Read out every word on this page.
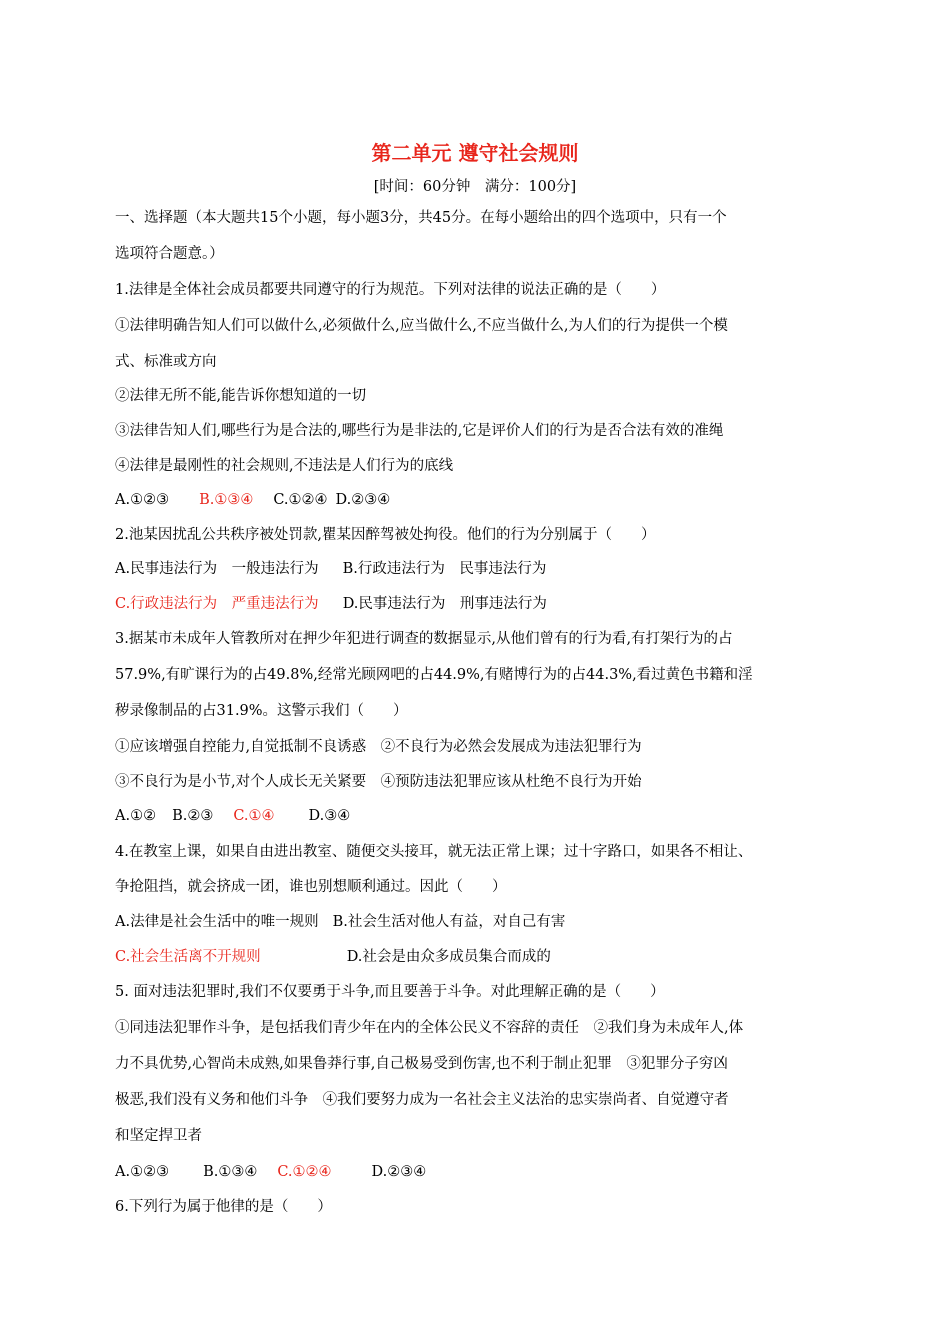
第二单元 遵守社会规则
[时间：60分钟　满分：100分]
一、选择题（本大题共15个小题，每小题3分，共45分。在每小题给出的四个选项中，只有一个
选项符合题意。）
1.法律是全体社会成员都要共同遵守的行为规范。下列对法律的说法正确的是（　　）
①法律明确告知人们可以做什么,必须做什么,应当做什么,不应当做什么,为人们的行为提供一个模
式、标准或方向
②法律无所不能,能告诉你想知道的一切
③法律告知人们,哪些行为是合法的,哪些行为是非法的,它是评价人们的行为是否合法有效的准绳
④法律是最刚性的社会规则,不违法是人们行为的底线
A.①②③ B.①③④ C.①②④ D.②③④
2.池某因扰乱公共秩序被处罚款,瞿某因醉驾被处拘役。他们的行为分别属于（　　）
A.民事违法行为　一般违法行为 B.行政违法行为　民事违法行为
C.行政违法行为　严重违法行为 D.民事违法行为　刑事违法行为
3.据某市未成年人管教所对在押少年犯进行调查的数据显示,从他们曾有的行为看,有打架行为的占
57.9%,有旷课行为的占49.8%,经常光顾网吧的占44.9%,有赌博行为的占44.3%,看过黄色书籍和淫
秽录像制品的占31.9%。这警示我们（　　）
①应该增强自控能力,自觉抵制不良诱惑　②不良行为必然会发展成为违法犯罪行为
③不良行为是小节,对个人成长无关紧要　④预防违法犯罪应该从杜绝不良行为开始
A.①② B.②③ C.①④ D.③④
4.在教室上课，如果自由进出教室、随便交头接耳，就无法正常上课；过十字路口，如果各不相让、
争抢阻挡，就会挤成一团，谁也别想顺利通过。因此（　　）
A.法律是社会生活中的唯一规则 B.社会生活对他人有益，对自己有害
C.社会生活离不开规则	D.社会是由众多成员集合而成的
5. 面对违法犯罪时,我们不仅要勇于斗争,而且要善于斗争。对此理解正确的是（　　）
①同违法犯罪作斗争，是包括我们青少年在内的全体公民义不容辞的责任　②我们身为未成年人,体
力不具优势,心智尚未成熟,如果鲁莽行事,自己极易受到伤害,也不利于制止犯罪　③犯罪分子穷凶
极恶,我们没有义务和他们斗争　④我们要努力成为一名社会主义法治的忠实崇尚者、自觉遵守者
和坚定捍卫者
A.①②③ B.①③④ C.①②④	D.②③④
6.下列行为属于他律的是（　　）
